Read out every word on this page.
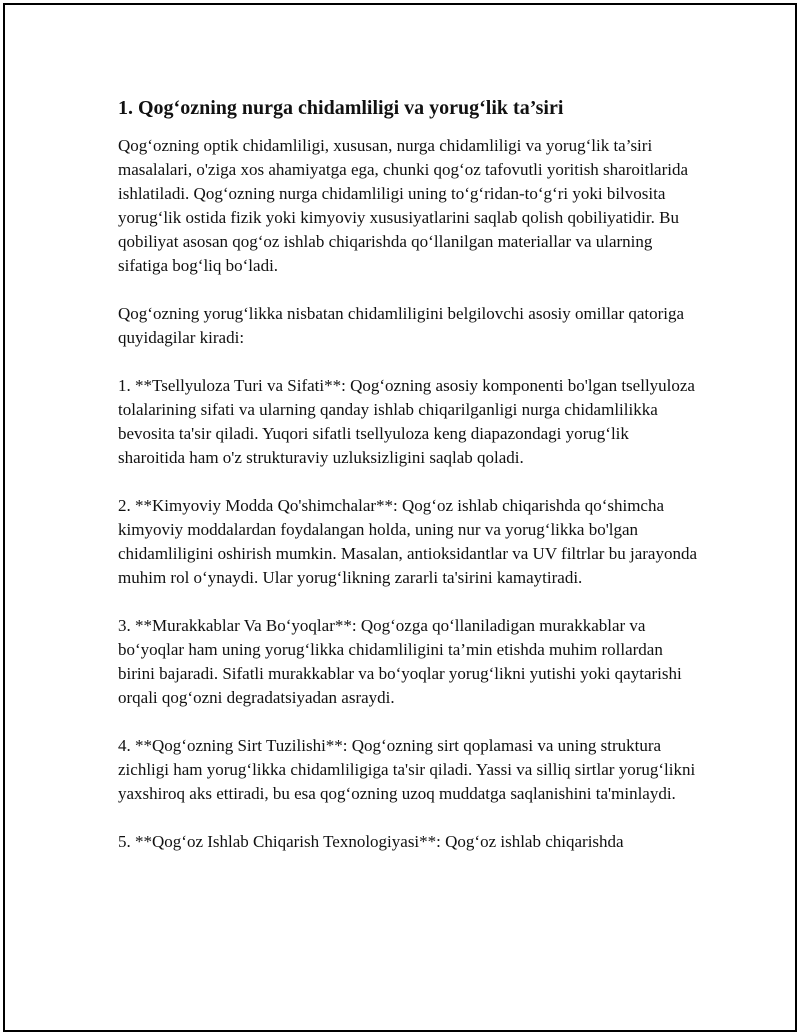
1. Qog‘ozning nurga chidamliligi va yorug‘lik ta’siri

Qog‘ozning optik chidamliligi, xususan, nurga chidamliligi va yorug‘lik ta’siri masalalari, o'ziga xos ahamiyatga ega, chunki qog‘oz tafovutli yoritish sharoitlarida ishlatiladi. Qog‘ozning nurga chidamliligi uning to‘g‘ridan-to‘g‘ri yoki bilvosita yorug‘lik ostida fizik yoki kimyoviy xususiyatlarini saqlab qolish qobiliyatidir. Bu qobiliyat asosan qog‘oz ishlab chiqarishda qo‘llanilgan materiallar va ularning sifatiga bog‘liq bo‘ladi.

Qog‘ozning yorug‘likka nisbatan chidamliligini belgilovchi asosiy omillar qatoriga quyidagilar kiradi:

1. **Tsellyuloza Turi va Sifati**: Qog‘ozning asosiy komponenti bo'lgan tsellyuloza tolalarining sifati va ularning qanday ishlab chiqarilganligi nurga chidamlilikka bevosita ta'sir qiladi. Yuqori sifatli tsellyuloza keng diapazondagi yorug‘lik sharoitida ham o'z strukturaviy uzluksizligini saqlab qoladi.

2. **Kimyoviy Modda Qo'shimchalar**: Qog‘oz ishlab chiqarishda qo‘shimcha kimyoviy moddalardan foydalangan holda, uning nur va yorug‘likka bo'lgan chidamliligini oshirish mumkin. Masalan, antioksidantlar va UV filtrlar bu jarayonda muhim rol o‘ynaydi. Ular yorug‘likning zararli ta'sirini kamaytiradi.

3. **Murakkablar Va Bo‘yoqlar**: Qog‘ozga qo‘llaniladigan murakkablar va bo‘yoqlar ham uning yorug‘likka chidamliligini ta’min etishda muhim rollardan birini bajaradi. Sifatli murakkablar va bo‘yoqlar yorug‘likni yutishi yoki qaytarishi orqali qog‘ozni degradatsiyadan asraydi.

4. **Qog‘ozning Sirt Tuzilishi**: Qog‘ozning sirt qoplamasi va uning struktura zichligi ham yorug‘likka chidamliligiga ta'sir qiladi. Yassi va silliq sirtlar yorug‘likni yaxshiroq aks ettiradi, bu esa qog‘ozning uzoq muddatga saqlanishini ta'minlaydi.

5. **Qog‘oz Ishlab Chiqarish Texnologiyasi**: Qog‘oz ishlab chiqarishda
